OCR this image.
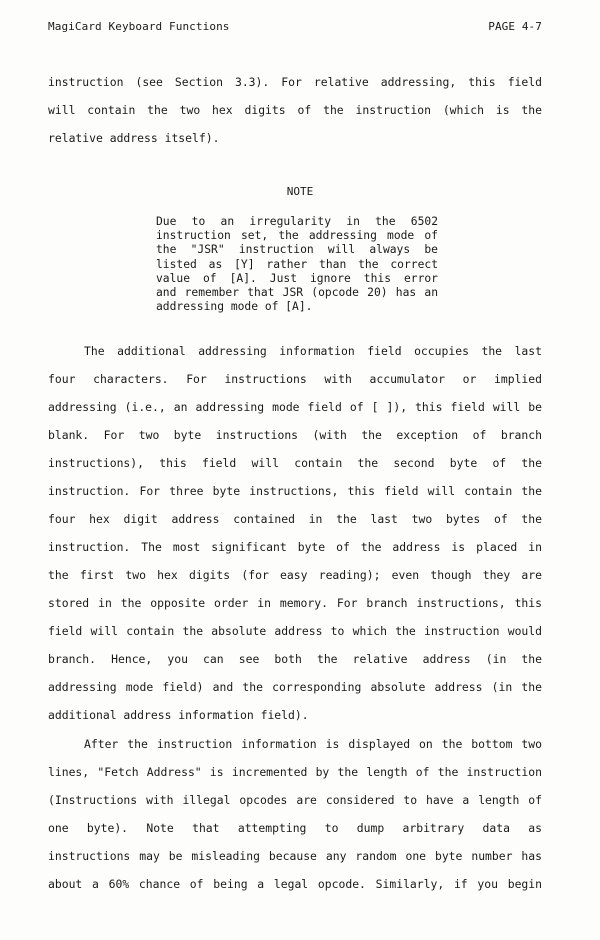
MagiCard Keyboard Functions	PAGE 4-7
instruction (see Section 3.3). For relative addressing, this field
will contain the two hex digits of the instruction (which is the
relative address itself).
NOTE
Due to an irregularity in the 6502
instruction set, the addressing mode of
the "JSR" instruction will always be
listed as [Y] rather than the correct
value of [A]. Just ignore this error
and remember that JSR (opcode 20) has an
addressing mode of [A].
The additional addressing information field occupies the last
four characters. For instructions with accumulator or implied
addressing (i.e., an addressing mode field of [ ]), this field will be
blank. For two byte instructions (with the exception of branch
instructions), this field will contain the second byte of the
instruction. For three byte instructions, this field will contain the
four hex digit address contained in the last two bytes of the
instruction. The most significant byte of the address is placed in
the first two hex digits (for easy reading); even though they are
stored in the opposite order in memory. For branch instructions, this
field will contain the absolute address to which the instruction would
branch. Hence, you can see both the relative address (in the
addressing mode field) and the corresponding absolute address (in the
additional address information field).
After the instruction information is displayed on the bottom two
lines, "Fetch Address" is incremented by the length of the instruction
(Instructions with illegal opcodes are considered to have a length of
one byte). Note that attempting to dump arbitrary data as
instructions may be misleading because any random one byte number has
about a 60% chance of being a legal opcode. Similarly, if you begin
